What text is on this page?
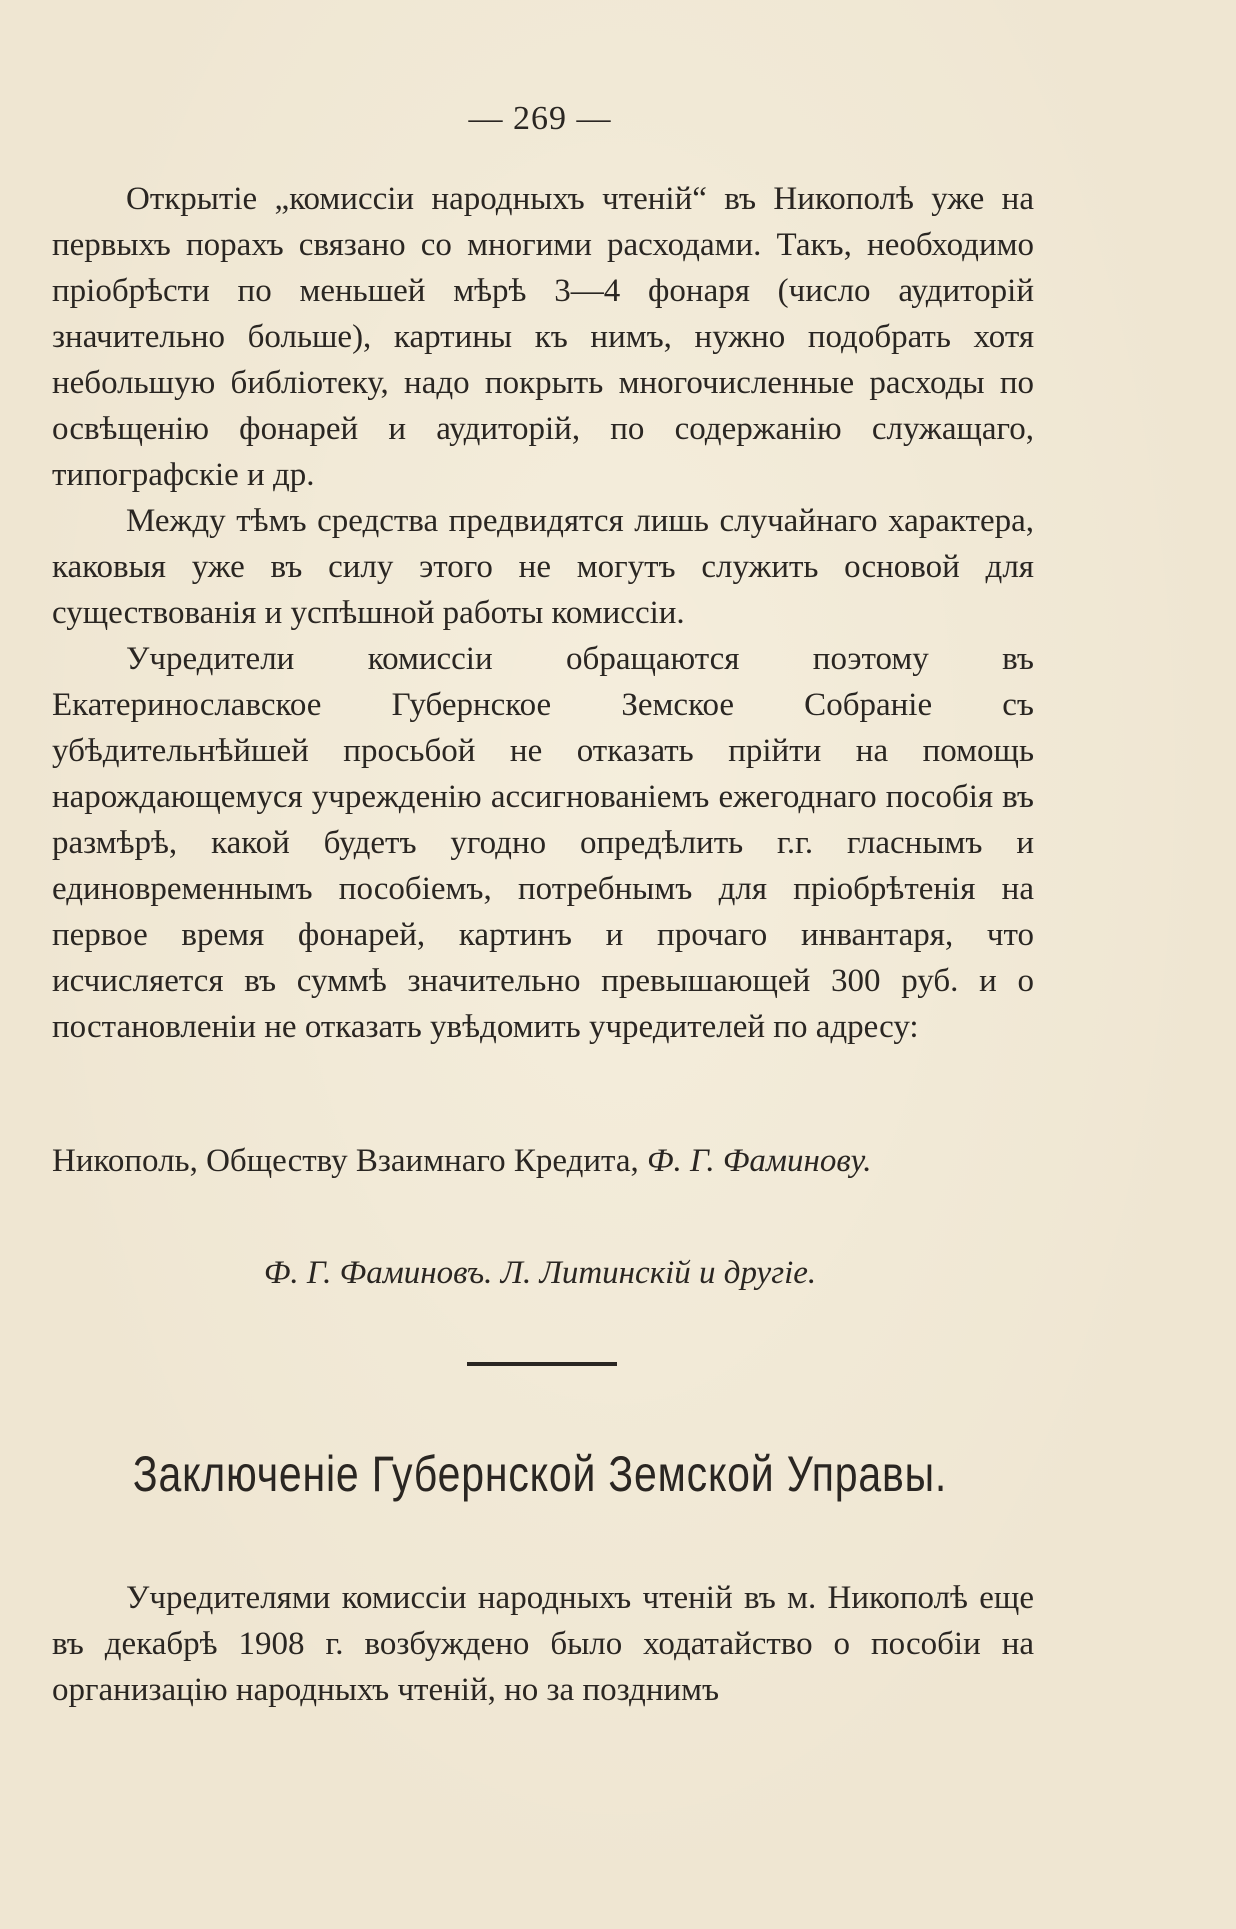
— 269 —

Открытіе „комиссіи народныхъ чтеній“ въ Никополѣ уже на первыхъ порахъ связано со многими расходами. Такъ, необходимо пріобрѣсти по меньшей мѣрѣ 3—4 фонаря (число аудиторій значительно больше), картины къ нимъ, нужно подобрать хотя небольшую библіотеку, надо покрыть многочисленные расходы по освѣщенію фонарей и аудиторій, по содержанію служащаго, типографскіе и др.

Между тѣмъ средства предвидятся лишь случайнаго характера, каковыя уже въ силу этого не могутъ служить основой для существованія и успѣшной работы комиссіи.

Учредители комиссіи обращаются поэтому въ Екатеринославское Губернское Земское Собраніе съ убѣдительнѣйшей просьбой не отказать прійти на помощь нарождающемуся учрежденію ассигнованіемъ ежегоднаго пособія въ размѣрѣ, какой будетъ угодно опредѣлить г.г. гласнымъ и единовременнымъ пособіемъ, потребнымъ для пріобрѣтенія на первое время фонарей, картинъ и прочаго инвантаря, что исчисляется въ суммѣ значительно превышающей 300 руб. и о постановленіи не отказать увѣдомить учредителей по адресу:

Никополь, Обществу Взаимнаго Кредита, Ф. Г. Фаминову.
Ф. Г. Фаминовъ. Л. Литинскій и другіе.
Заключеніе Губернской Земской Управы.

Учредителями комиссіи народныхъ чтеній въ м. Никополѣ еще въ декабрѣ 1908 г. возбуждено было ходатайство о пособіи на организацію народныхъ чтеній, но за позднимъ
